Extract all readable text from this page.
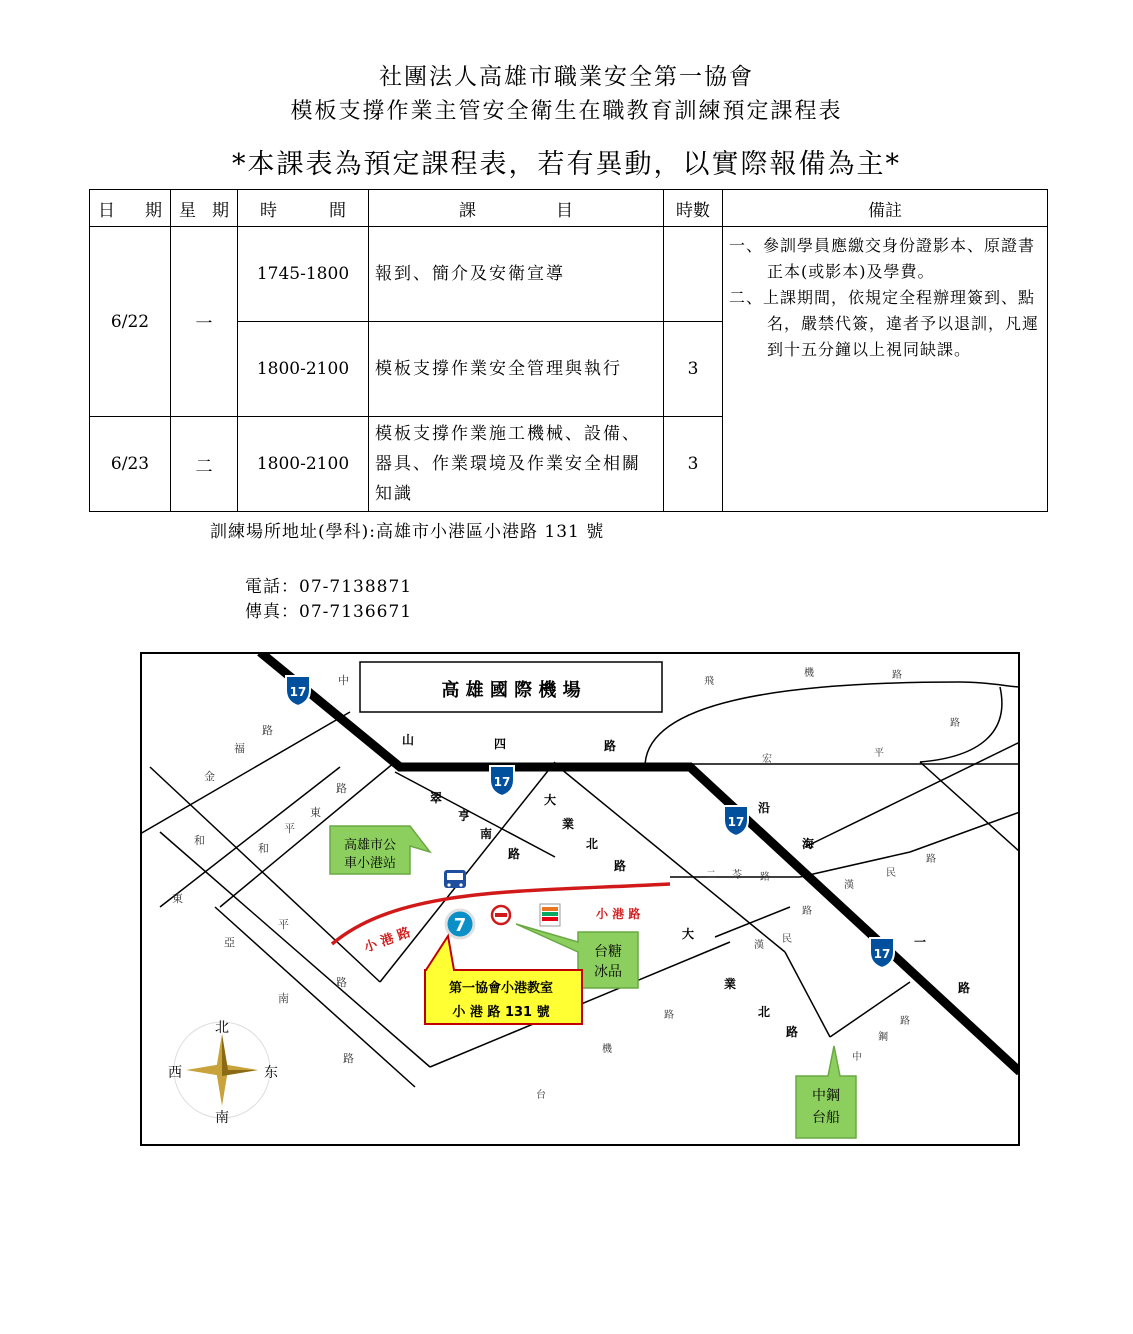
社團法人高雄市職業安全第一協會
模板支撐作業主管安全衛生在職教育訓練預定課程表
*本課表為預定課程表，若有異動，以實際報備為主*
日 期	星 期	時 間	課 目	時數	備註
6/22	一	1745-1800	報到、簡介及安衛宣導		一、參訓學員應繳交身份證影本、原證書正本(或影本)及學費。
二、上課期間，依規定全程辦理簽到、點名，嚴禁代簽，違者予以退訓，凡遲到十五分鐘以上視同缺課。

		1800-2100	模板支撐作業安全管理與執行	3	
6/23	二	1800-2100	模板支撐作業施工機械、設備、器具、作業環境及作業安全相關知識	3	
訓練場所地址(學科):高雄市小港區小港路 131 號
電話：07-7138871
傳真：07-7136671
17
17
17
17
高 雄 國 際 機 場
中
路
福
金
和
東
亞
南
路
路
東
平
和
平
路
山	四	路
翠
亨
南
路
大
業
北
路
沿
海
大
業
北
路
一
路
飛
機	路
路
平
宏
二 苓 路
路
漢
民
漢
民
路
路
鋼
中
路
機
台
小 港 路
小 港 路
高雄市公
車小港站
7
台糖
冰品
第一協會小港教室
小 港 路 131 號
中鋼
台船
北
南
东
西
